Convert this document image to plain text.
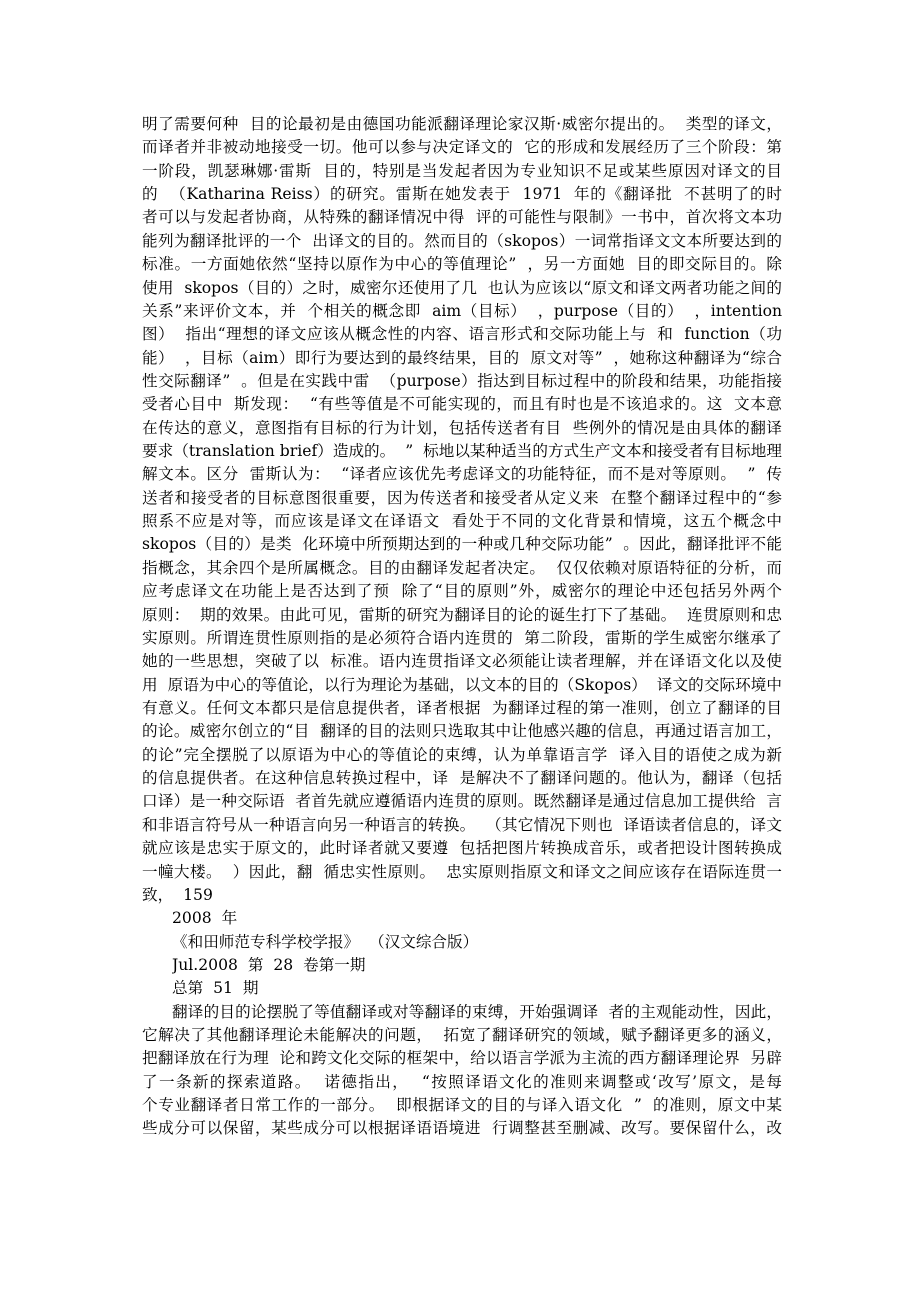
明了需要何种  目的论最初是由德国功能派翻译理论家汉斯·威密尔提出的。  类型的译文，
而译者并非被动地接受一切。他可以参与决定译文的  它的形成和发展经历了三个阶段：第
一阶段，凯瑟琳娜·雷斯  目的，特别是当发起者因为专业知识不足或某些原因对译文的目
的  （Katharina Reiss）的研究。雷斯在她发表于  1971  年的《翻译批  不甚明了的时
者可以与发起者协商，从特殊的翻译情况中得  评的可能性与限制》一书中，首次将文本功
能列为翻译批评的一个  出译文的目的。然而目的（skopos）一词常指译文文本所要达到的
标准。一方面她依然“坚持以原作为中心的等值理论”  ，另一方面她  目的即交际目的。除
使用  skopos（目的）之时，威密尔还使用了几  也认为应该以“原文和译文两者功能之间的
关系”来评价文本，并  个相关的概念即  aim（目标）  ，purpose（目的）  ，intention
图）  指出“理想的译文应该从概念性的内容、语言形式和交际功能上与  和  function（功
能）  ，目标（aim）即行为要达到的最终结果，目的  原文对等”  ，她称这种翻译为“综合
性交际翻译”  。但是在实践中雷  （purpose）指达到目标过程中的阶段和结果，功能指接
受者心目中  斯发现：  “有些等值是不可能实现的，而且有时也是不该追求的。这  文本意
在传达的意义，意图指有目标的行为计划，包括传送者有目  些例外的情况是由具体的翻译
要求（translation brief）造成的。  ”  标地以某种适当的方式生产文本和接受者有目标地理
解文本。区分  雷斯认为：  “译者应该优先考虑译文的功能特征，而不是对等原则。  ”  传
送者和接受者的目标意图很重要，因为传送者和接受者从定义来  在整个翻译过程中的“参
照系不应是对等，而应该是译文在译语文  看处于不同的文化背景和情境，这五个概念中
skopos（目的）是类  化环境中所预期达到的一种或几种交际功能”  。因此，翻译批评不能
指概念，其余四个是所属概念。目的由翻译发起者决定。  仅仅依赖对原语特征的分析，而
应考虑译文在功能上是否达到了预  除了“目的原则”外，威密尔的理论中还包括另外两个
原则：  期的效果。由此可见，雷斯的研究为翻译目的论的诞生打下了基础。  连贯原则和忠
实原则。所谓连贯性原则指的是必须符合语内连贯的  第二阶段，雷斯的学生威密尔继承了
她的一些思想，突破了以  标准。语内连贯指译文必须能让读者理解，并在译语文化以及使
用  原语为中心的等值论，以行为理论为基础，以文本的目的（Skopos）  译文的交际环境中
有意义。任何文本都只是信息提供者，译者根据  为翻译过程的第一准则，创立了翻译的目
的论。威密尔创立的“目  翻译的目的法则只选取其中让他感兴趣的信息，再通过语言加工，
的论”完全摆脱了以原语为中心的等值论的束缚，认为单靠语言学  译入目的语使之成为新
的信息提供者。在这种信息转换过程中，译  是解决不了翻译问题的。他认为，翻译（包括
口译）是一种交际语  者首先就应遵循语内连贯的原则。既然翻译是通过信息加工提供给  言
和非语言符号从一种语言向另一种语言的转换。  （其它情况下则也  译语读者信息的，译文
就应该是忠实于原文的，此时译者就又要遵  包括把图片转换成音乐，或者把设计图转换成
一幢大楼。  ）因此，翻  循忠实性原则。  忠实原则指原文和译文之间应该存在语际连贯一
致，  159
2008  年
《和田师范专科学校学报》  （汉文综合版）
Jul.2008  第  28  卷第一期
总第  51  期
翻译的目的论摆脱了等值翻译或对等翻译的束缚，开始强调译  者的主观能动性，因此，
它解决了其他翻译理论未能解决的问题，  拓宽了翻译研究的领域，赋予翻译更多的涵义，
把翻译放在行为理  论和跨文化交际的框架中，给以语言学派为主流的西方翻译理论界  另辟
了一条新的探索道路。  诺德指出，  “按照译语文化的准则来调整或‘改写’原文，是每
个专业翻译者日常工作的一部分。  即根据译文的目的与译入语文化  ”  的准则，原文中某
些成分可以保留，某些成分可以根据译语语境进  行调整甚至删减、改写。要保留什么，改
